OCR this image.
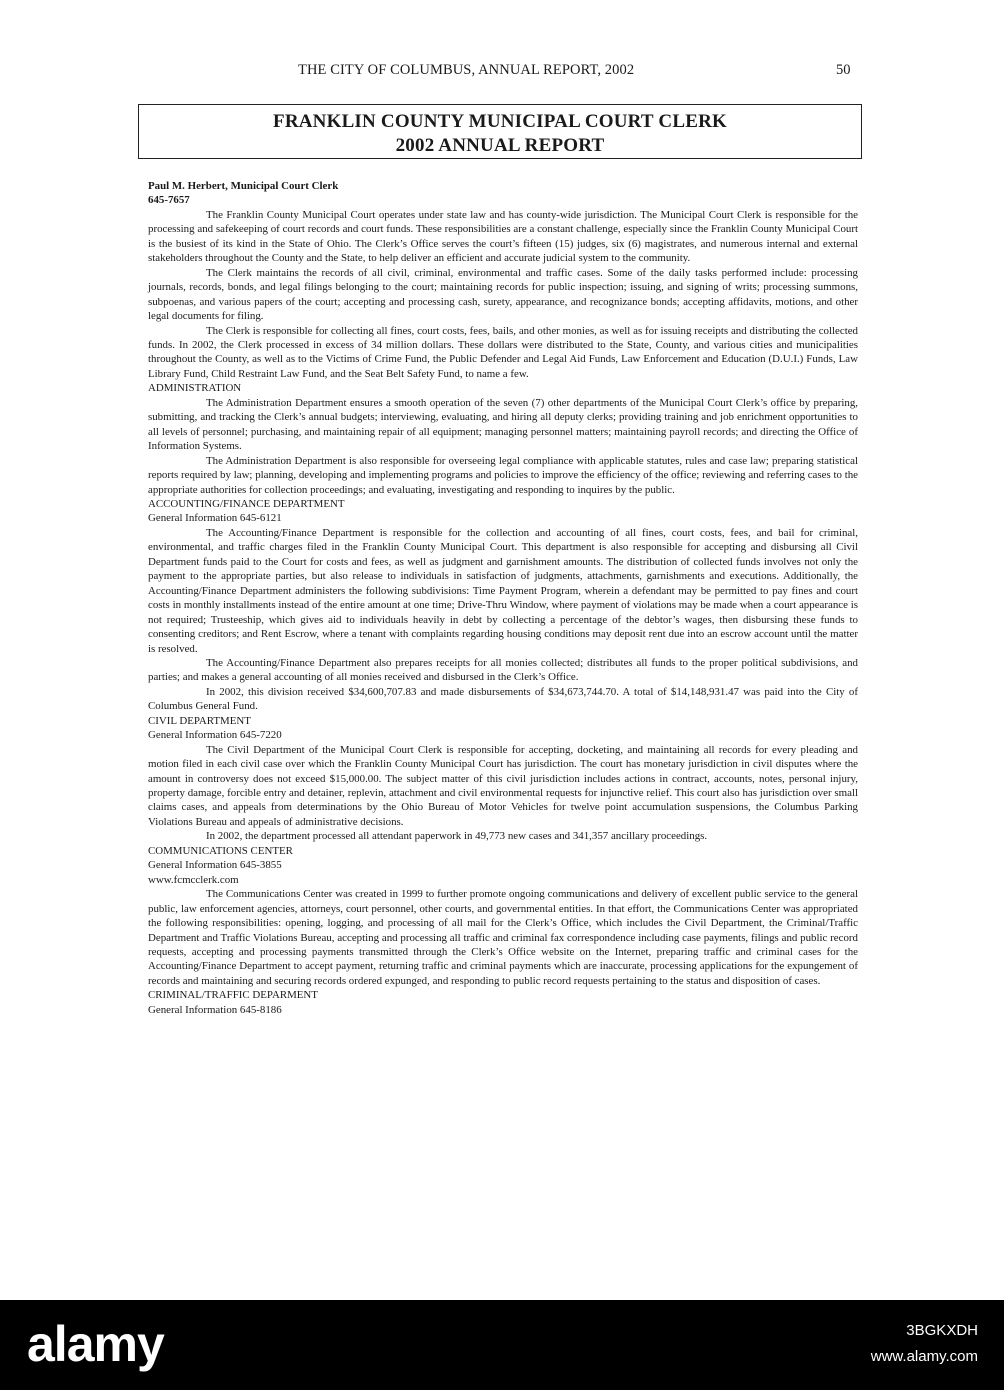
THE CITY OF COLUMBUS, ANNUAL REPORT, 2002	50
FRANKLIN COUNTY MUNICIPAL COURT CLERK
2002 ANNUAL REPORT
Paul M. Herbert, Municipal Court Clerk
645-7657

The Franklin County Municipal Court operates under state law and has county-wide jurisdiction. The Municipal Court Clerk is responsible for the processing and safekeeping of court records and court funds. These responsibilities are a constant challenge, especially since the Franklin County Municipal Court is the busiest of its kind in the State of Ohio. The Clerk’s Office serves the court’s fifteen (15) judges, six (6) magistrates, and numerous internal and external stakeholders throughout the County and the State, to help deliver an efficient and accurate judicial system to the community.

The Clerk maintains the records of all civil, criminal, environmental and traffic cases. Some of the daily tasks performed include: processing journals, records, bonds, and legal filings belonging to the court; maintaining records for public inspection; issuing, and signing of writs; processing summons, subpoenas, and various papers of the court; accepting and processing cash, surety, appearance, and recognizance bonds; accepting affidavits, motions, and other legal documents for filing.

The Clerk is responsible for collecting all fines, court costs, fees, bails, and other monies, as well as for issuing receipts and distributing the collected funds. In 2002, the Clerk processed in excess of 34 million dollars. These dollars were distributed to the State, County, and various cities and municipalities throughout the County, as well as to the Victims of Crime Fund, the Public Defender and Legal Aid Funds, Law Enforcement and Education (D.U.I.) Funds, Law Library Fund, Child Restraint Law Fund, and the Seat Belt Safety Fund, to name a few.

ADMINISTRATION

The Administration Department ensures a smooth operation of the seven (7) other departments of the Municipal Court Clerk’s office by preparing, submitting, and tracking the Clerk’s annual budgets; interviewing, evaluating, and hiring all deputy clerks; providing training and job enrichment opportunities to all levels of personnel; purchasing, and maintaining repair of all equipment; managing personnel matters; maintaining payroll records; and directing the Office of Information Systems.

The Administration Department is also responsible for overseeing legal compliance with applicable statutes, rules and case law; preparing statistical reports required by law; planning, developing and implementing programs and policies to improve the efficiency of the office; reviewing and referring cases to the appropriate authorities for collection proceedings; and evaluating, investigating and responding to inquires by the public.

ACCOUNTING/FINANCE DEPARTMENT
General Information 645-6121

The Accounting/Finance Department is responsible for the collection and accounting of all fines, court costs, fees, and bail for criminal, environmental, and traffic charges filed in the Franklin County Municipal Court. This department is also responsible for accepting and disbursing all Civil Department funds paid to the Court for costs and fees, as well as judgment and garnishment amounts. The distribution of collected funds involves not only the payment to the appropriate parties, but also release to individuals in satisfaction of judgments, attachments, garnishments and executions. Additionally, the Accounting/Finance Department administers the following subdivisions: Time Payment Program, wherein a defendant may be permitted to pay fines and court costs in monthly installments instead of the entire amount at one time; Drive-Thru Window, where payment of violations may be made when a court appearance is not required; Trusteeship, which gives aid to individuals heavily in debt by collecting a percentage of the debtor’s wages, then disbursing these funds to consenting creditors; and Rent Escrow, where a tenant with complaints regarding housing conditions may deposit rent due into an escrow account until the matter is resolved.

The Accounting/Finance Department also prepares receipts for all monies collected; distributes all funds to the proper political subdivisions, and parties; and makes a general accounting of all monies received and disbursed in the Clerk’s Office.

In 2002, this division received $34,600,707.83 and made disbursements of $34,673,744.70. A total of $14,148,931.47 was paid into the City of Columbus General Fund.

CIVIL DEPARTMENT
General Information 645-7220

The Civil Department of the Municipal Court Clerk is responsible for accepting, docketing, and maintaining all records for every pleading and motion filed in each civil case over which the Franklin County Municipal Court has jurisdiction. The court has monetary jurisdiction in civil disputes where the amount in controversy does not exceed $15,000.00. The subject matter of this civil jurisdiction includes actions in contract, accounts, notes, personal injury, property damage, forcible entry and detainer, replevin, attachment and civil environmental requests for injunctive relief. This court also has jurisdiction over small claims cases, and appeals from determinations by the Ohio Bureau of Motor Vehicles for twelve point accumulation suspensions, the Columbus Parking Violations Bureau and appeals of administrative decisions.

In 2002, the department processed all attendant paperwork in 49,773 new cases and 341,357 ancillary proceedings.

COMMUNICATIONS CENTER
General Information 645-3855
www.fcmcclerk.com

The Communications Center was created in 1999 to further promote ongoing communications and delivery of excellent public service to the general public, law enforcement agencies, attorneys, court personnel, other courts, and governmental entities. In that effort, the Communications Center was appropriated the following responsibilities: opening, logging, and processing of all mail for the Clerk’s Office, which includes the Civil Department, the Criminal/Traffic Department and Traffic Violations Bureau, accepting and processing all traffic and criminal fax correspondence including case payments, filings and public record requests, accepting and processing payments transmitted through the Clerk’s Office website on the Internet, preparing traffic and criminal cases for the Accounting/Finance Department to accept payment, returning traffic and criminal payments which are inaccurate, processing applications for the expungement of records and maintaining and securing records ordered expunged, and responding to public record requests pertaining to the status and disposition of cases.

CRIMINAL/TRAFFIC DEPARMENT
General Information 645-8186
alamy	3BGKXDH
www.alamy.com
